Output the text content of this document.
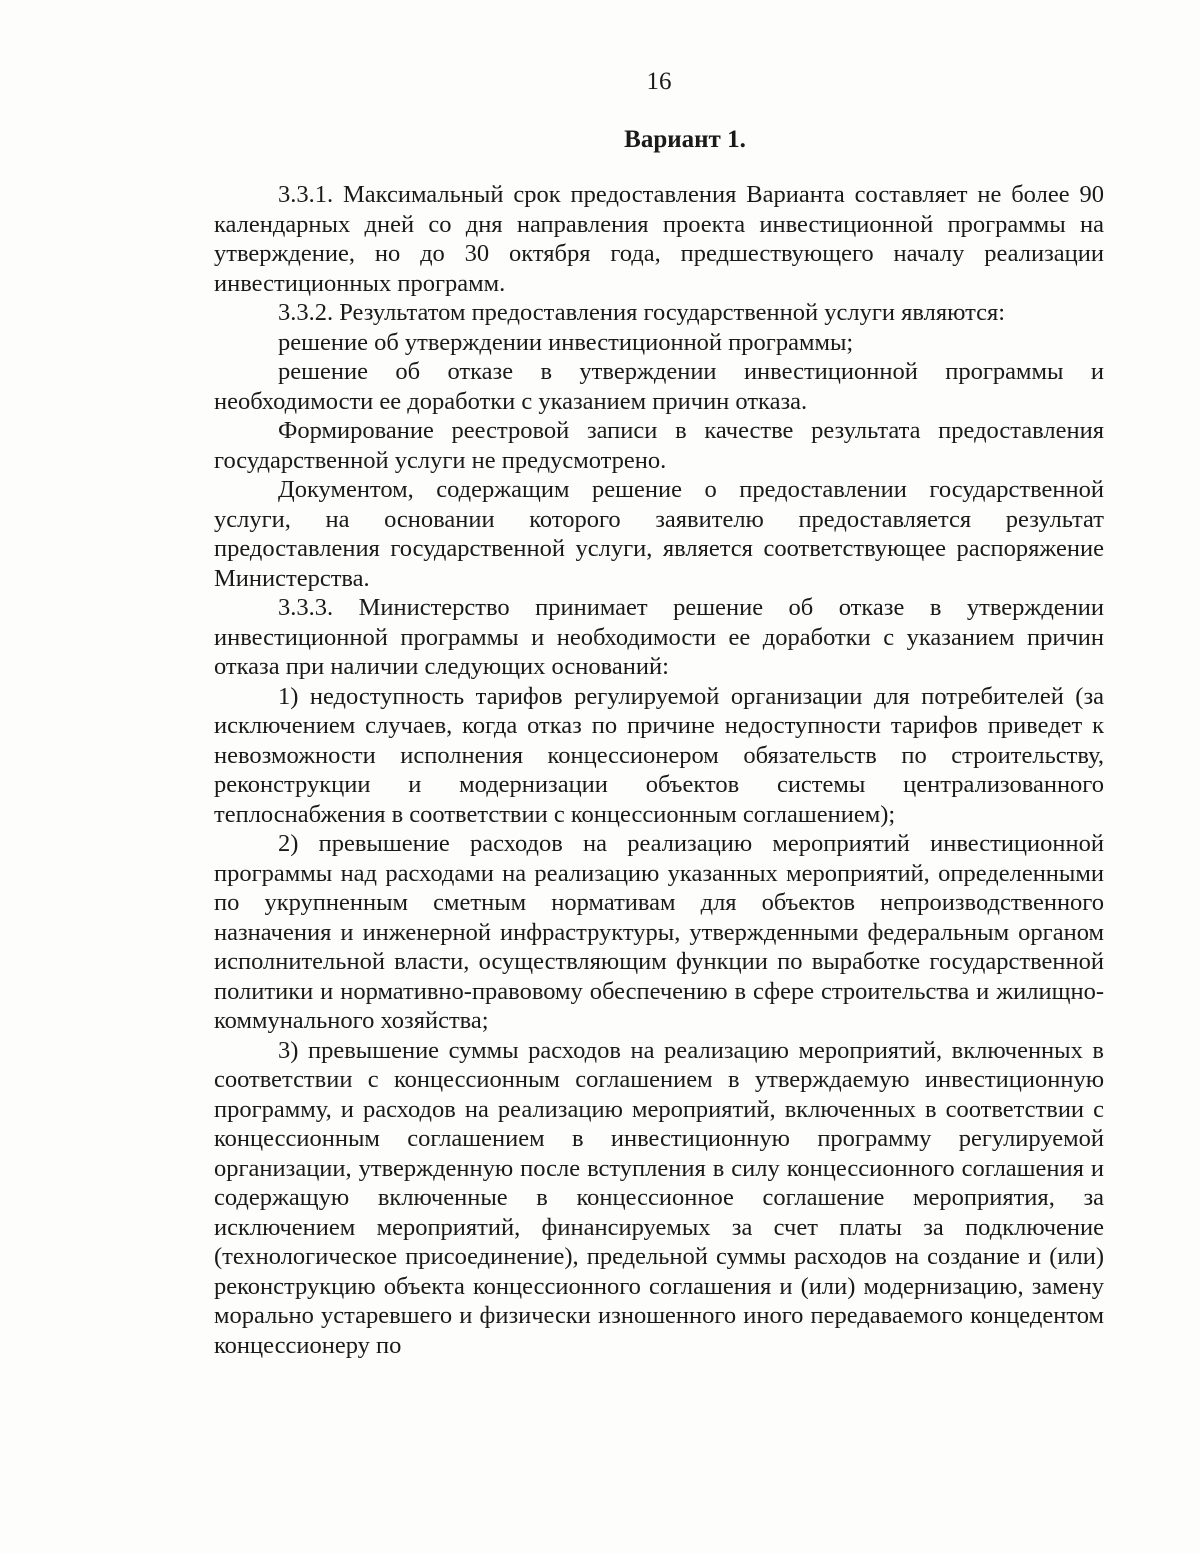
16
Вариант 1.

3.3.1. Максимальный срок предоставления Варианта составляет не более 90 календарных дней со дня направления проекта инвестиционной программы на утверждение, но до 30 октября года, предшествующего началу реализации инвестиционных программ.

3.3.2. Результатом предоставления государственной услуги являются:

решение об утверждении инвестиционной программы;

решение об отказе в утверждении инвестиционной программы и необходимости ее доработки с указанием причин отказа.

Формирование реестровой записи в качестве результата предоставления государственной услуги не предусмотрено.

Документом, содержащим решение о предоставлении государственной услуги, на основании которого заявителю предоставляется результат предоставления государственной услуги, является соответствующее распоряжение Министерства.

3.3.3. Министерство принимает решение об отказе в утверждении инвестиционной программы и необходимости ее доработки с указанием причин отказа при наличии следующих оснований:

1) недоступность тарифов регулируемой организации для потребителей (за исключением случаев, когда отказ по причине недоступности тарифов приведет к невозможности исполнения концессионером обязательств по строительству, реконструкции и модернизации объектов системы централизованного теплоснабжения в соответствии с концессионным соглашением);

2) превышение расходов на реализацию мероприятий инвестиционной программы над расходами на реализацию указанных мероприятий, определенными по укрупненным сметным нормативам для объектов непроизводственного назначения и инженерной инфраструктуры, утвержденными федеральным органом исполнительной власти, осуществляющим функции по выработке государственной политики и нормативно-правовому обеспечению в сфере строительства и жилищно-коммунального хозяйства;

3) превышение суммы расходов на реализацию мероприятий, включенных в соответствии с концессионным соглашением в утверждаемую инвестиционную программу, и расходов на реализацию мероприятий, включенных в соответствии с концессионным соглашением в инвестиционную программу регулируемой организации, утвержденную после вступления в силу концессионного соглашения и содержащую включенные в концессионное соглашение мероприятия, за исключением мероприятий, финансируемых за счет платы за подключение (технологическое присоединение), предельной суммы расходов на создание и (или) реконструкцию объекта концессионного соглашения и (или) модернизацию, замену морально устаревшего и физически изношенного иного передаваемого концедентом концессионеру по
